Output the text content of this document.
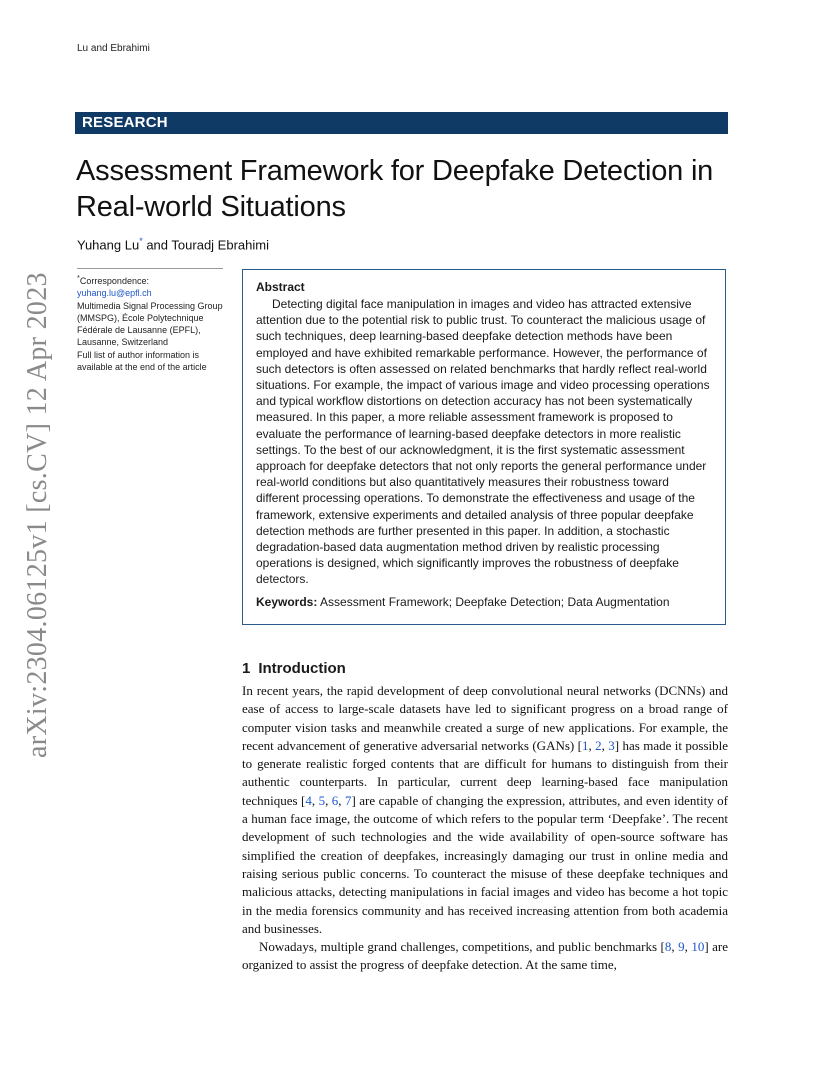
Lu and Ebrahimi
RESEARCH
Assessment Framework for Deepfake Detection in Real-world Situations
Yuhang Lu* and Touradj Ebrahimi

*Correspondence:

yuhang.lu@epfl.ch

Multimedia Signal Processing Group (MMSPG), École Polytechnique Fédérale de Lausanne (EPFL), Lausanne, Switzerland

Full list of author information is available at the end of the article

arXiv:2304.06125v1 [cs.CV] 12 Apr 2023	Abstract

Detecting digital face manipulation in images and video has attracted extensive attention due to the potential risk to public trust. To counteract the malicious usage of such techniques, deep learning-based deepfake detection methods have been employed and have exhibited remarkable performance. However, the performance of such detectors is often assessed on related benchmarks that hardly reflect real-world situations. For example, the impact of various image and video processing operations and typical workflow distortions on detection accuracy has not been systematically measured. In this paper, a more reliable assessment framework is proposed to evaluate the performance of learning-based deepfake detectors in more realistic settings. To the best of our acknowledgment, it is the first systematic assessment approach for deepfake detectors that not only reports the general performance under real-world conditions but also quantitatively measures their robustness toward different processing operations. To demonstrate the effectiveness and usage of the framework, extensive experiments and detailed analysis of three popular deepfake detection methods are further presented in this paper. In addition, a stochastic degradation-based data augmentation method driven by realistic processing operations is designed, which significantly improves the robustness of deepfake detectors.

Keywords: Assessment Framework; Deepfake Detection; Data Augmentation
1 Introduction

In recent years, the rapid development of deep convolutional neural networks (DCNNs) and ease of access to large-scale datasets have led to significant progress on a broad range of computer vision tasks and meanwhile created a surge of new applications. For example, the recent advancement of generative adversarial networks (GANs) [1, 2, 3] has made it possible to generate realistic forged contents that are difficult for humans to distinguish from their authentic counterparts. In particular, current deep learning-based face manipulation techniques [4, 5, 6, 7] are capable of changing the expression, attributes, and even identity of a human face image, the outcome of which refers to the popular term ‘Deepfake’. The recent development of such technologies and the wide availability of open-source software has simplified the creation of deepfakes, increasingly damaging our trust in online media and raising serious public concerns. To counteract the misuse of these deepfake techniques and malicious attacks, detecting manipulations in facial images and video has become a hot topic in the media forensics community and has received increasing attention from both academia and businesses.

Nowadays, multiple grand challenges, competitions, and public benchmarks [8, 9, 10] are organized to assist the progress of deepfake detection. At the same time,
